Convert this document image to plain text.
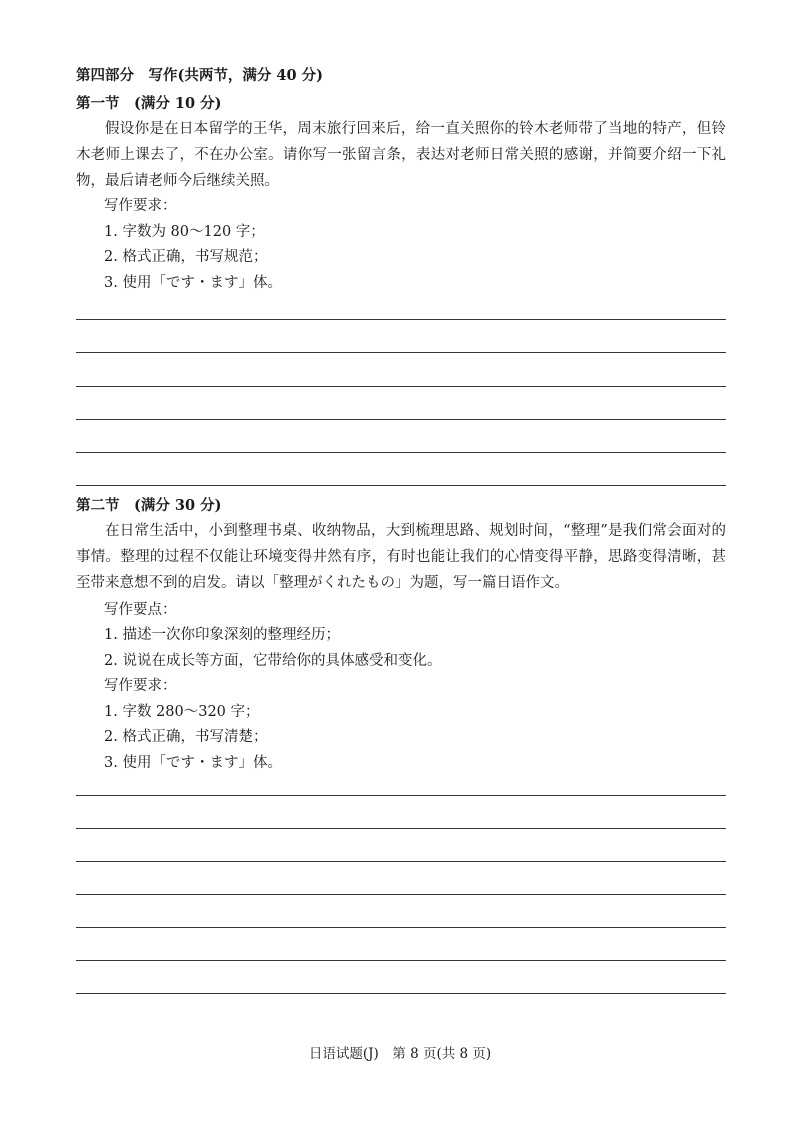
第四部分　写作(共两节，满分 40 分)
第一节　(满分 10 分)

假设你是在日本留学的王华，周末旅行回来后，给一直关照你的铃木老师带了当地的特产，但铃木老师上课去了，不在办公室。请你写一张留言条，表达对老师日常关照的感谢，并简要介绍一下礼物，最后请老师今后继续关照。

写作要求：
1. 字数为 80～120 字；
2. 格式正确，书写规范；
3. 使用「です・ます」体。
第二节　(满分 30 分)

在日常生活中，小到整理书桌、收纳物品，大到梳理思路、规划时间，“整理”是我们常会面对的事情。整理的过程不仅能让环境变得井然有序，有时也能让我们的心情变得平静，思路变得清晰，甚至带来意想不到的启发。请以「整理がくれたもの」为题，写一篇日语作文。

写作要点：
1. 描述一次你印象深刻的整理经历；
2. 说说在成长等方面，它带给你的具体感受和变化。
写作要求：
1. 字数 280～320 字；
2. 格式正确，书写清楚；
3. 使用「です・ます」体。
日语试题(J)　第 8 页(共 8 页)
